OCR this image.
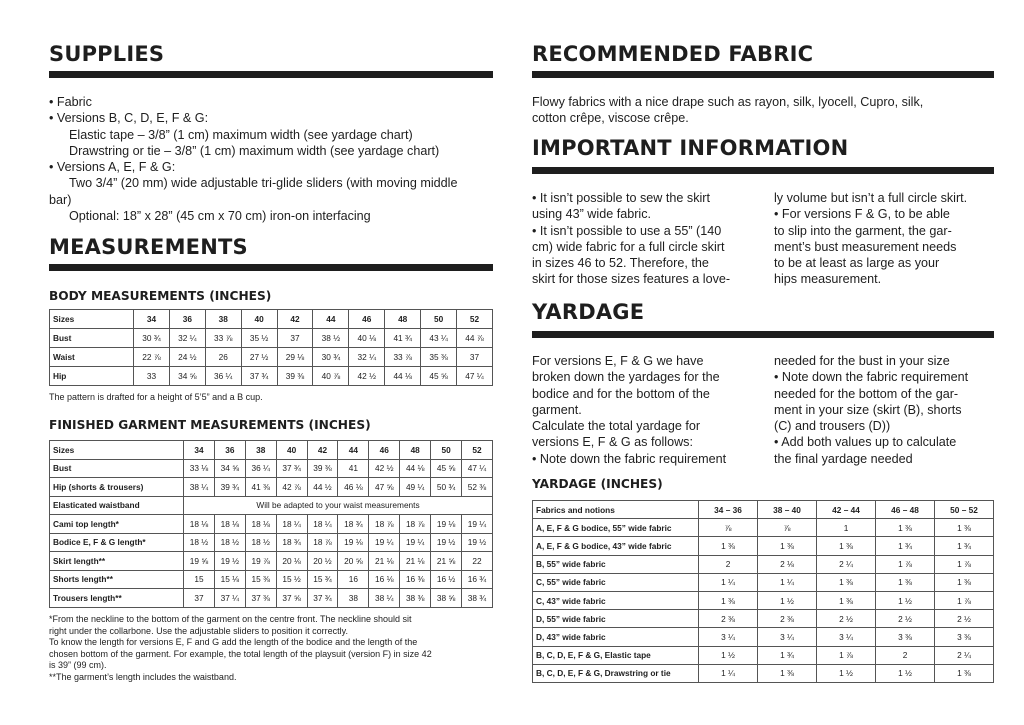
SUPPLIES
• Fabric
• Versions B, C, D, E, F & G:
Elastic tape – 3/8” (1 cm) maximum width (see yardage chart)
Drawstring or tie – 3/8” (1 cm) maximum width (see yardage chart)
• Versions A, E, F & G:
Two 3/4” (20 mm) wide adjustable tri-glide sliders (with moving middle
bar)
Optional: 18” x 28” (45 cm x 70 cm) iron-on interfacing
MEASUREMENTS
BODY MEASUREMENTS (INCHES)
Sizes	34	36	38	40	42	44	46	48	50	52
Bust	30 ¾	32 ¼	33 ⅞	35 ½	37	38 ½	40 ⅛	41 ¾	43 ¼	44 ⅞
Waist	22 ⅞	24 ½	26	27 ½	29 ⅛	30 ¾	32 ¼	33 ⅞	35 ⅜	37
Hip	33	34 ⅝	36 ¼	37 ¾	39 ⅜	40 ⅞	42 ½	44 ⅛	45 ⅝	47 ¼
The pattern is drafted for a height of 5’5” and a B cup.
FINISHED GARMENT MEASUREMENTS (INCHES)
Sizes	34	36	38	40	42	44	46	48	50	52
Bust	33 ⅛	34 ⅝	36 ¼	37 ¾	39 ⅜	41	42 ½	44 ⅛	45 ⅝	47 ¼
Hip (shorts & trousers)	38 ¼	39 ¾	41 ⅜	42 ⅞	44 ½	46 ⅛	47 ⅝	49 ¼	50 ¾	52 ⅜
Elasticated waistband	Will be adapted to your waist measurements									
Cami top length*	18 ⅛	18 ⅛	18 ⅛	18 ¼	18 ¼	18 ¾	18 ⅞	18 ⅞	19 ⅛	19 ¼
Bodice E, F & G length*	18 ½	18 ½	18 ½	18 ¾	18 ⅞	19 ⅛	19 ¼	19 ¼	19 ½	19 ½
Skirt length**	19 ⅝	19 ½	19 ⅞	20 ⅛	20 ½	20 ⅝	21 ⅛	21 ⅛	21 ⅝	22
Shorts length**	15	15 ⅛	15 ⅜	15 ½	15 ¾	16	16 ⅛	16 ⅜	16 ½	16 ¾
Trousers length**	37	37 ¼	37 ⅜	37 ⅝	37 ¾	38	38 ¼	38 ⅜	38 ⅝	38 ¾
*From the neckline to the bottom of the garment on the centre front. The neckline should sit
right under the collarbone. Use the adjustable sliders to position it correctly.
To know the length for versions E, F and G add the length of the bodice and the length of the
chosen bottom of the garment. For example, the total length of the playsuit (version F) in size 42
is 39” (99 cm).
**The garment’s length includes the waistband.
RECOMMENDED FABRIC
Flowy fabrics with a nice drape such as rayon, silk, lyocell, Cupro, silk,
cotton crêpe, viscose crêpe.
IMPORTANT INFORMATION
• It isn’t possible to sew the skirt
using 43” wide fabric.
• It isn’t possible to use a 55” (140
cm) wide fabric for a full circle skirt
in sizes 46 to 52. Therefore, the
skirt for those sizes features a love-
ly volume but isn’t a full circle skirt.
• For versions F & G, to be able
to slip into the garment, the gar-
ment’s bust measurement needs
to be at least as large as your
hips measurement.
YARDAGE
For versions E, F & G we have
broken down the yardages for the
bodice and for the bottom of the
garment.
Calculate the total yardage for
versions E, F & G as follows:
• Note down the fabric requirement
needed for the bust in your size
• Note down the fabric requirement
needed for the bottom of the gar-
ment in your size (skirt (B), shorts
(C) and trousers (D))
• Add both values up to calculate
the final yardage needed
YARDAGE (INCHES)
Fabrics and notions	34 – 36	38 – 40	42 – 44	46 – 48	50 – 52
A, E, F & G bodice, 55” wide fabric	⅞	⅞	1	1 ⅜	1 ⅜
A, E, F & G bodice, 43” wide fabric	1 ⅜	1 ⅜	1 ⅜	1 ¾	1 ¾
B, 55” wide fabric	2	2 ⅛	2 ¼	1 ⅞	1 ⅞
C, 55” wide fabric	1 ¼	1 ¼	1 ⅜	1 ⅜	1 ⅜
C, 43” wide fabric	1 ⅜	1 ½	1 ⅜	1 ½	1 ⅞
D, 55” wide fabric	2 ⅜	2 ⅜	2 ½	2 ½	2 ½
D, 43” wide fabric	3 ¼	3 ¼	3 ¼	3 ⅜	3 ⅜
B, C, D, E, F & G, Elastic tape	1 ½	1 ¾	1 ⅞	2	2 ¼
B, C, D, E, F & G, Drawstring or tie	1 ¼	1 ⅜	1 ½	1 ½	1 ⅜
